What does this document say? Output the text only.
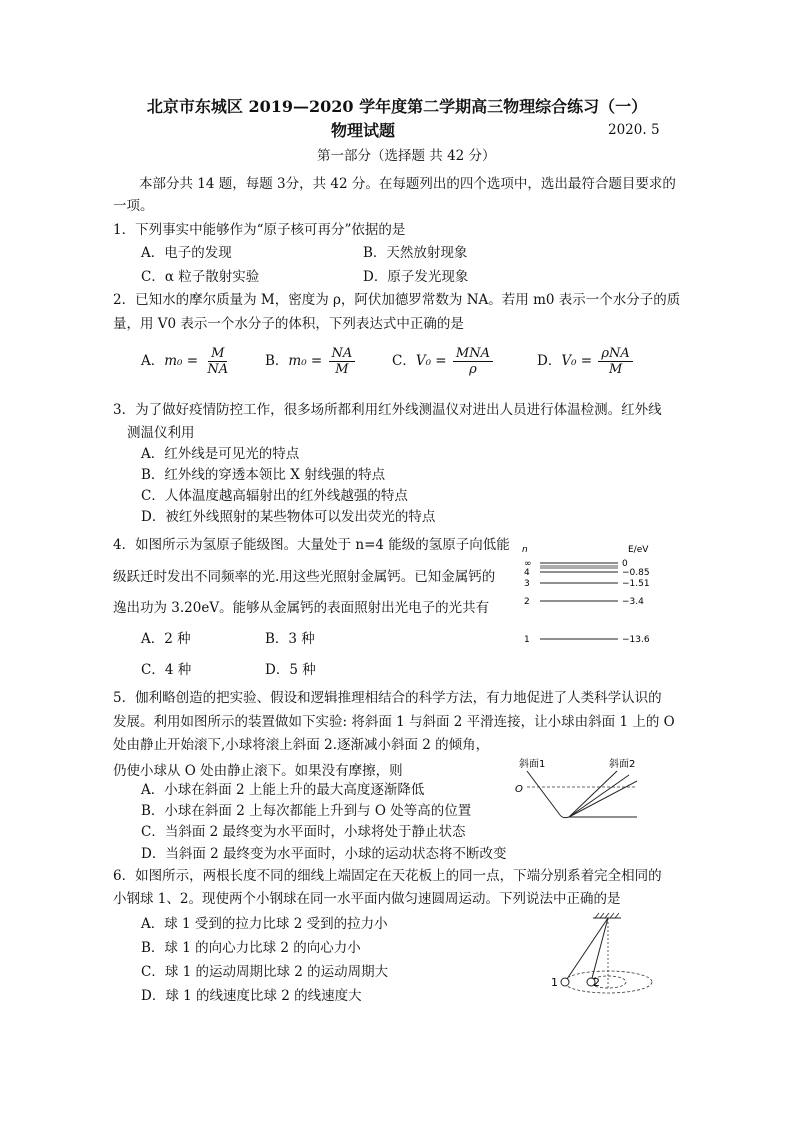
北京市东城区 2019—2020 学年度第二学期高三物理综合练习（一）
物理试题	2020. 5
第一部分（选择题 共 42 分）
本部分共 14 题，每题 3分，共 42 分。在每题列出的四个选项中，选出最符合题目要求的
一项。
1．下列事实中能够作为“原子核可再分”依据的是
A．电子的发现	B．天然放射现象
C．α 粒子散射实验	D．原子发光现象
2．已知水的摩尔质量为 M，密度为 ρ，阿伏加德罗常数为 NA。若用 m0 表示一个水分子的质
量，用 V0 表示一个水分子的体积，下列表达式中正确的是
A．$m_0 = \frac{M}{NA}$	B．$m_0 = \frac{NA}{M}$	C．$V_0 = \frac{\text{MNA}}{\rho}$	D．$V_0 = \frac{\text{ρNA}}{M}$
3．为了做好疫情防控工作，很多场所都利用红外线测温仪对进出人员进行体温检测。红外线
测温仪利用
A．红外线是可见光的特点
B．红外线的穿透本领比 X 射线强的特点
C．人体温度越高辐射出的红外线越强的特点
D．被红外线照射的某些物体可以发出荧光的特点
4．如图所示为氢原子能级图。大量处于 n=4 能级的氢原子向低能
级跃迁时发出不同频率的光.用这些光照射金属钙。已知金属钙的
逸出功为 3.20eV。能够从金属钙的表面照射出光电子的光共有
A．2 种	B．3 种
C．4 种	D．5 种
n	E/eV
∞
4
3
2
1
0
−0.85
−1.51
−3.4
−13.6
5．伽利略创造的把实验、假设和逻辑推理相结合的科学方法，有力地促进了人类科学认识的
发展。利用如图所示的装置做如下实验: 将斜面 1 与斜面 2 平滑连接，让小球由斜面 1 上的 O
处由静止开始滚下,小球将滚上斜面 2.逐渐减小斜面 2 的倾角，
仍使小球从 O 处由静止滚下。如果没有摩擦，则
A．小球在斜面 2 上能上升的最大高度逐渐降低
B．小球在斜面 2 上每次都能上升到与 O 处等高的位置
C．当斜面 2 最终变为水平面时，小球将处于静止状态
D．当斜面 2 最终变为水平面时，小球的运动状态将不断改变
斜面1	斜面2
O
6．如图所示，两根长度不同的细线上端固定在天花板上的同一点，下端分别系着完全相同的
小钢球 1、2。现使两个小钢球在同一水平面内做匀速圆周运动。下列说法中正确的是
A．球 1 受到的拉力比球 2 受到的拉力小
B．球 1 的向心力比球 2 的向心力小
C．球 1 的运动周期比球 2 的运动周期大
D．球 1 的线速度比球 2 的线速度大
1	2
